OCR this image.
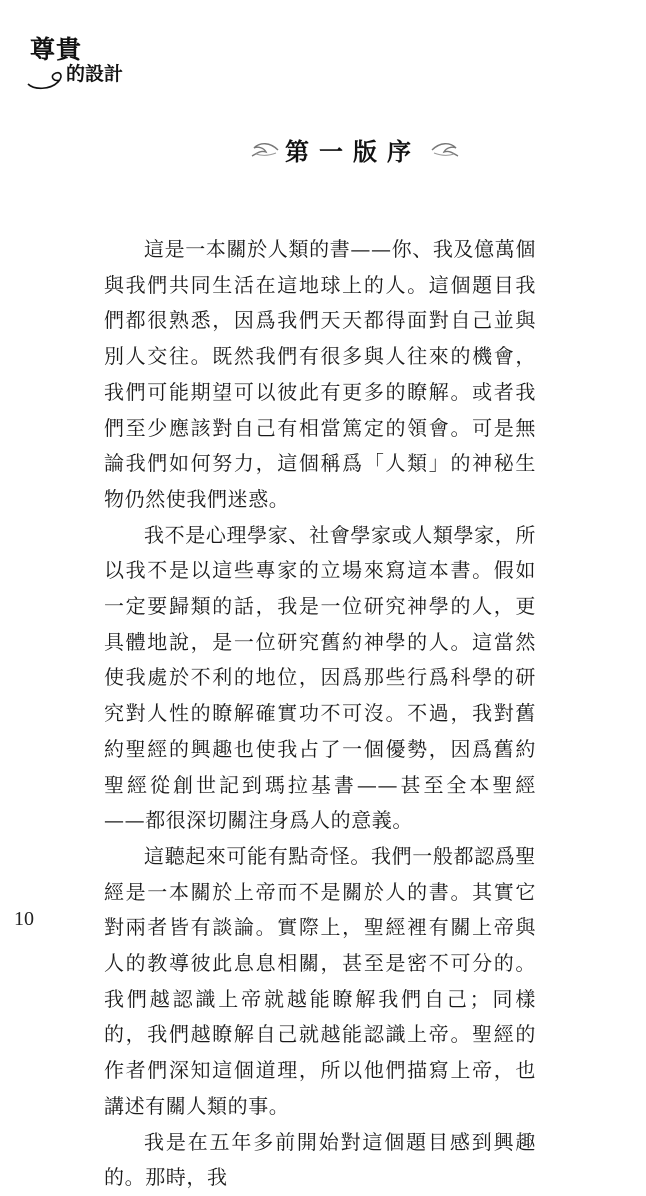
尊貴
的設計
第一版序

這是一本關於人類的書——你、我及億萬個與我們共同生活在這地球上的人。這個題目我們都很熟悉，因爲我們天天都得面對自己並與別人交往。既然我們有很多與人往來的機會，我們可能期望可以彼此有更多的瞭解。或者我們至少應該對自己有相當篤定的領會。可是無論我們如何努力，這個稱爲「人類」的神秘生物仍然使我們迷惑。

我不是心理學家、社會學家或人類學家，所以我不是以這些專家的立場來寫這本書。假如一定要歸類的話，我是一位研究神學的人，更具體地說，是一位研究舊約神學的人。這當然使我處於不利的地位，因爲那些行爲科學的研究對人性的瞭解確實功不可沒。不過，我對舊約聖經的興趣也使我占了一個優勢，因爲舊約聖經從創世記到瑪拉基書——甚至全本聖經——都很深切關注身爲人的意義。

這聽起來可能有點奇怪。我們一般都認爲聖經是一本關於上帝而不是關於人的書。其實它對兩者皆有談論。實際上，聖經裡有關上帝與人的教導彼此息息相關，甚至是密不可分的。我們越認識上帝就越能瞭解我們自己；同樣的，我們越瞭解自己就越能認識上帝。聖經的作者們深知這個道理，所以他們描寫上帝，也講述有關人類的事。

我是在五年多前開始對這個題目感到興趣的。那時，我

10
